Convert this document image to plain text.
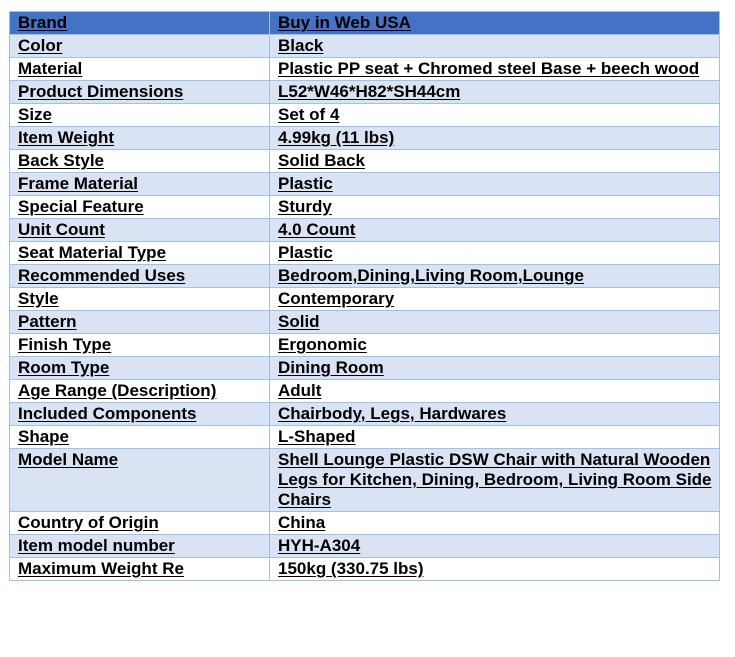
Brand	Buy in Web USA
Color	Black
Material	Plastic PP seat + Chromed steel Base + beech wood
Product Dimensions	L52*W46*H82*SH44cm
Size	Set of 4
Item Weight	4.99kg (11 lbs)
Back Style	Solid Back
Frame Material	Plastic
Special Feature	Sturdy
Unit Count	4.0 Count
Seat Material Type	Plastic
Recommended Uses	Bedroom,Dining,Living Room,Lounge
Style	Contemporary
Pattern	Solid
Finish Type	Ergonomic
Room Type	Dining Room
Age Range (Description)	Adult
Included Components	Chairbody, Legs, Hardwares
Shape	L-Shaped
Model Name	Shell Lounge Plastic DSW Chair with Natural Wooden Legs for Kitchen, Dining, Bedroom, Living Room Side Chairs
Country of Origin	China
Item model number	HYH-A304
Maximum Weight Re	150kg (330.75 lbs)
